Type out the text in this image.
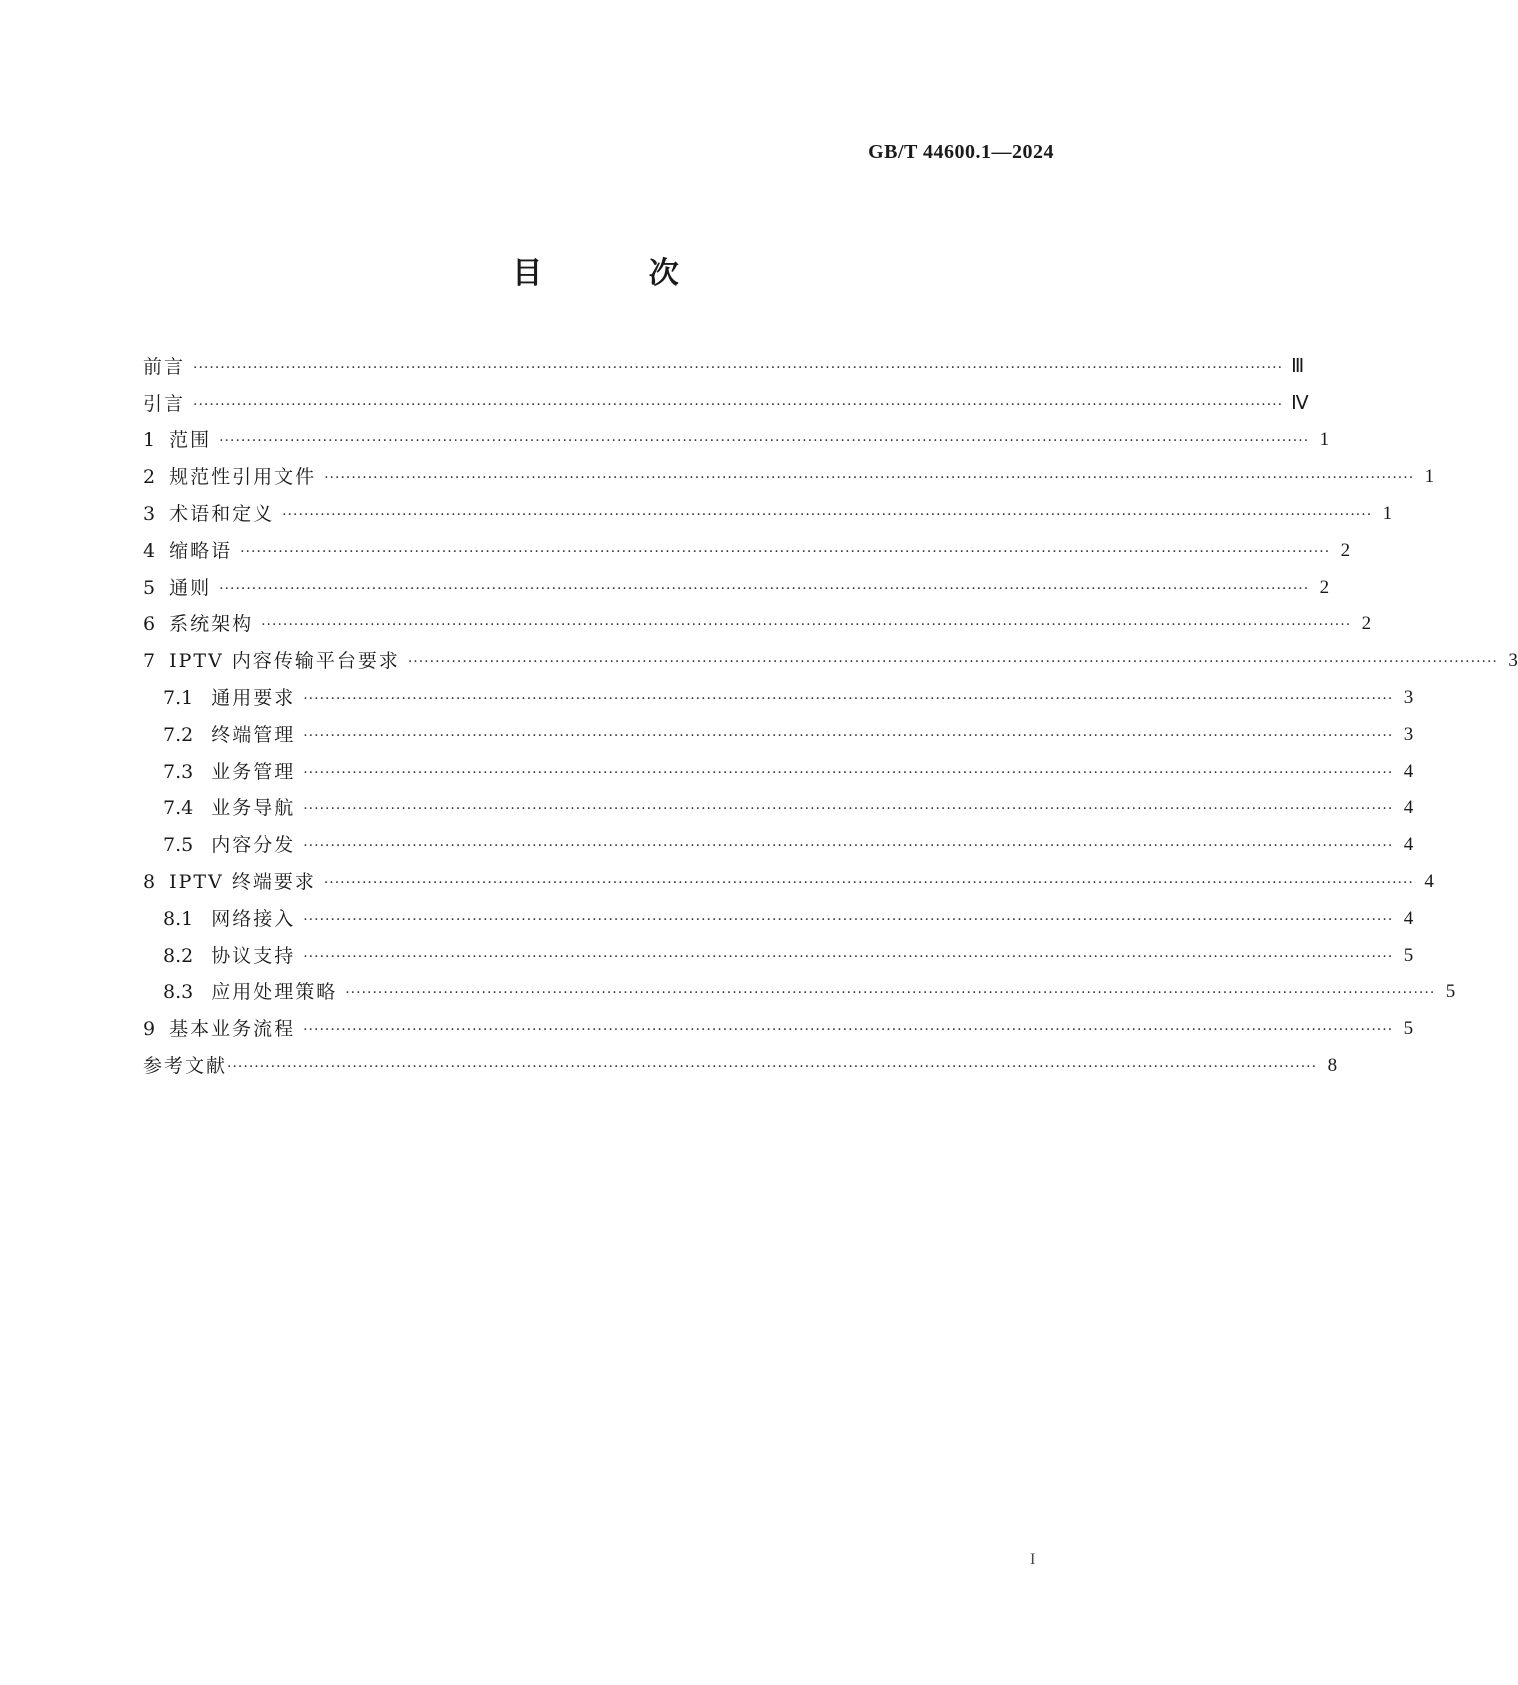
GB/T 44600.1—2024

目 次
前言 ········································································································································································································ Ⅲ
引言 ········································································································································································································ Ⅳ
1 范围 ········································································································································································································ 1
2 规范性引用文件 ········································································································································································································ 1
3 术语和定义 ········································································································································································································ 1
4 缩略语 ········································································································································································································ 2
5 通则 ········································································································································································································ 2
6 系统架构 ········································································································································································································ 2
7 IPTV 内容传输平台要求 ········································································································································································································ 3
7.1 通用要求 ········································································································································································································ 3
7.2 终端管理 ········································································································································································································ 3
7.3 业务管理 ········································································································································································································ 4
7.4 业务导航 ········································································································································································································ 4
7.5 内容分发 ········································································································································································································ 4
8 IPTV 终端要求 ········································································································································································································ 4
8.1 网络接入 ········································································································································································································ 4
8.2 协议支持 ········································································································································································································ 5
8.3 应用处理策略 ········································································································································································································ 5
9 基本业务流程 ········································································································································································································ 5
参考文献 ········································································································································································································ 8

I
